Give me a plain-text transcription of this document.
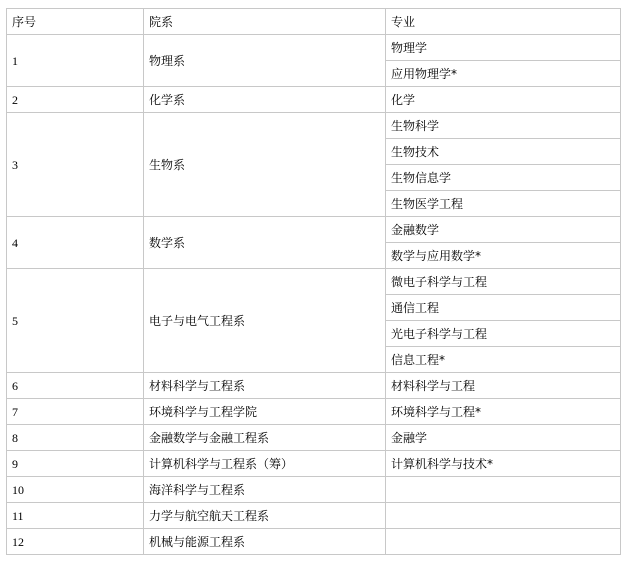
序号	院系	专业
1	物理系	物理学
		应用物理学*
2	化学系	化学
3	生物系	生物科学
		生物技术
		生物信息学
		生物医学工程
4	数学系	金融数学
		数学与应用数学*
5	电子与电气工程系	微电子科学与工程
		通信工程
		光电子科学与工程
		信息工程*
6	材料科学与工程系	材料科学与工程
7	环境科学与工程学院	环境科学与工程*
8	金融数学与金融工程系	金融学
9	计算机科学与工程系（筹）	计算机科学与技术*
10	海洋科学与工程系	
11	力学与航空航天工程系	
12	机械与能源工程系	
